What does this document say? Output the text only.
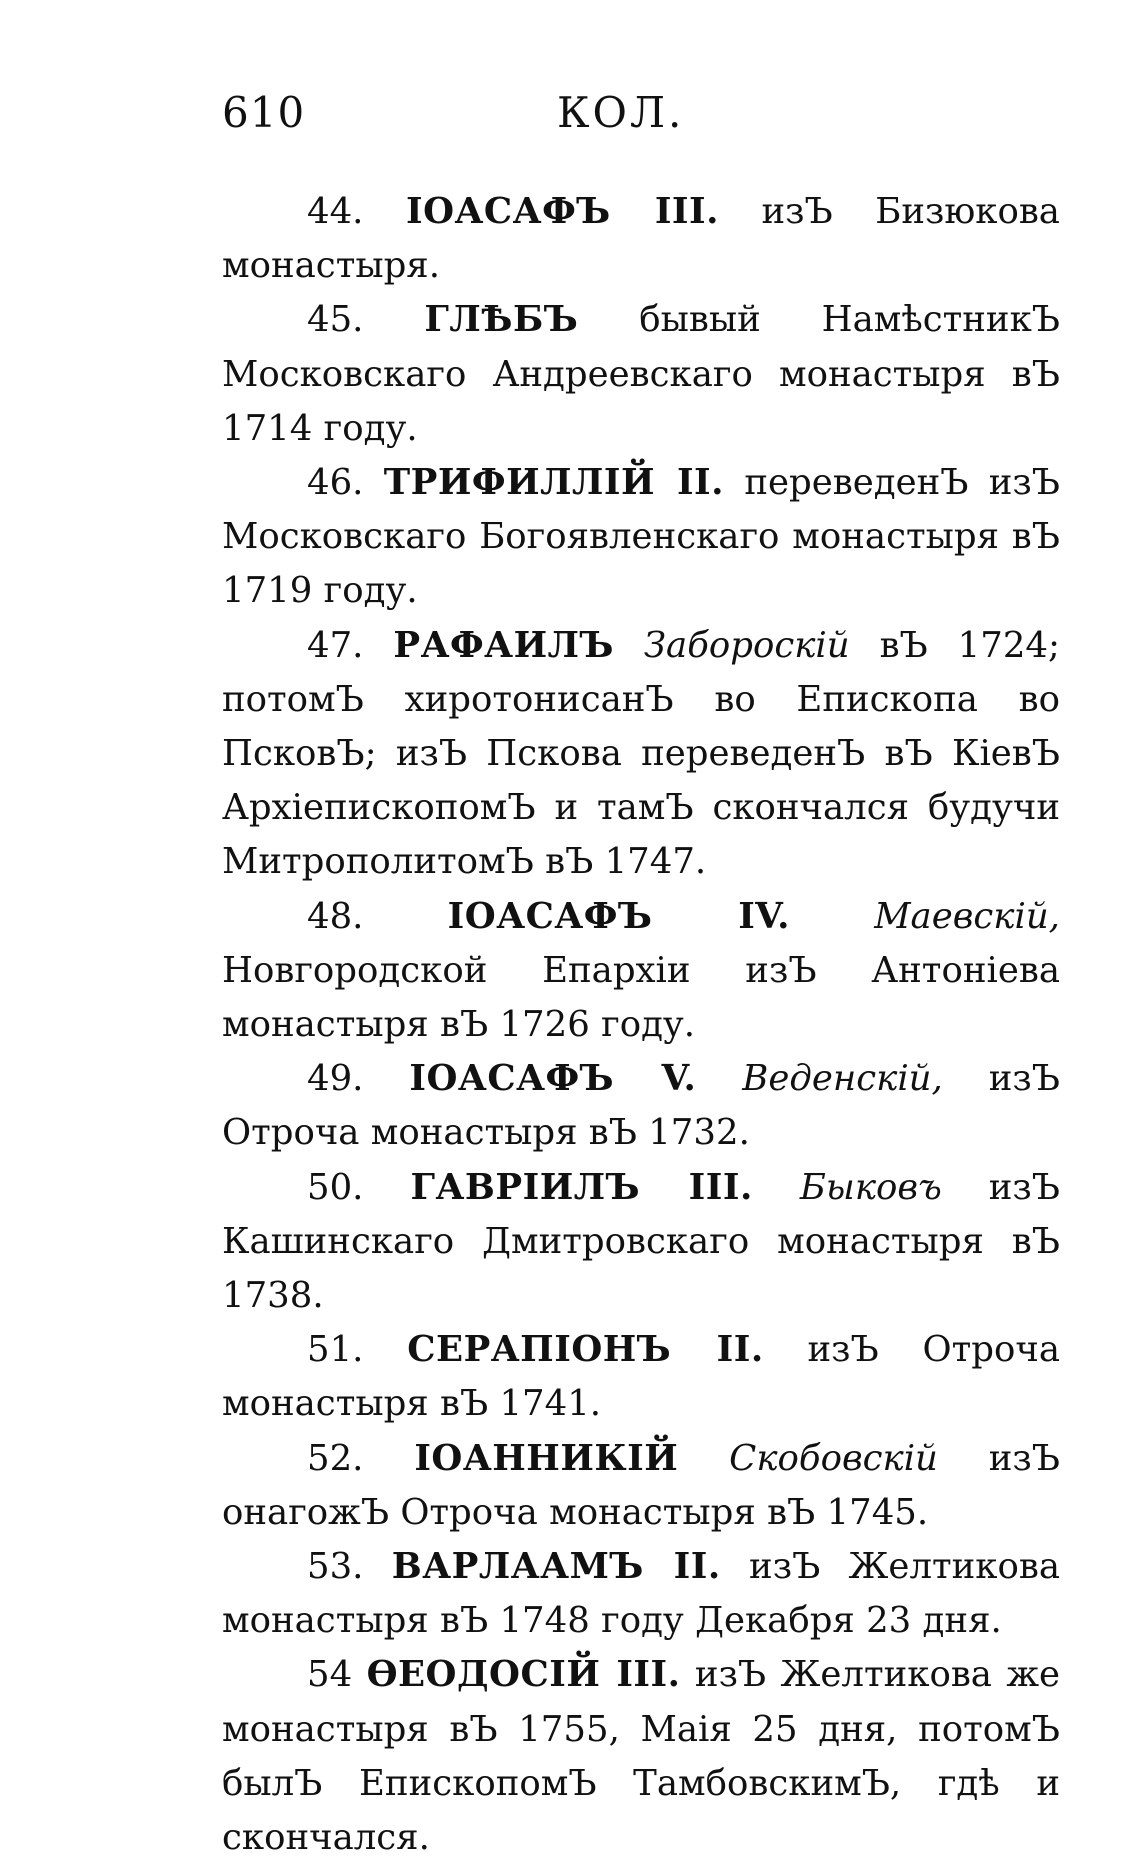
610	КОЛ.

44. IОАСАФЪ III. изЪ Бизюкова монастыря.

45. ГЛѢБЪ бывый НамѣстникЪ Московскаго Андреевскаго монастыря вЪ 1714 году.

46. ТРИФИЛЛIЙ II. переведенЪ изЪ Московскаго Богоявленскаго монастыря вЪ 1719 году.

47. РАФАИЛЪ Забороскiй вЪ 1724; потомЪ хиротонисанЪ во Епископа во ПсковЪ; изЪ Пскова переведенЪ вЪ КiевЪ АрхiепископомЪ и тамЪ скончался будучи МитрополитомЪ вЪ 1747.

48. IОАСАФЪ IV. Маевскiй, Новгородской Епархiи изЪ Антонiева монастыря вЪ 1726 году.

49. IОАСАФЪ V. Веденскiй, изЪ Отроча монастыря вЪ 1732.

50. ГАВРIИЛЪ III. Быковъ изЪ Кашинскаго Дмитровскаго монастыря вЪ 1738.

51. СЕРАПIОНЪ II. изЪ Отроча монастыря вЪ 1741.

52. IОАННИКIЙ Скобовскiй изЪ онагожЪ Отроча монастыря вЪ 1745.

53. ВАРЛААМЪ II. изЪ Желтикова монастыря вЪ 1748 году Декабря 23 дня.

54 ѲЕОДОСIЙ III. изЪ Желтикова же монастыря вЪ 1755, Маiя 25 дня, потомЪ былЪ ЕпископомЪ ТамбовскимЪ, гдѣ и скончался.
